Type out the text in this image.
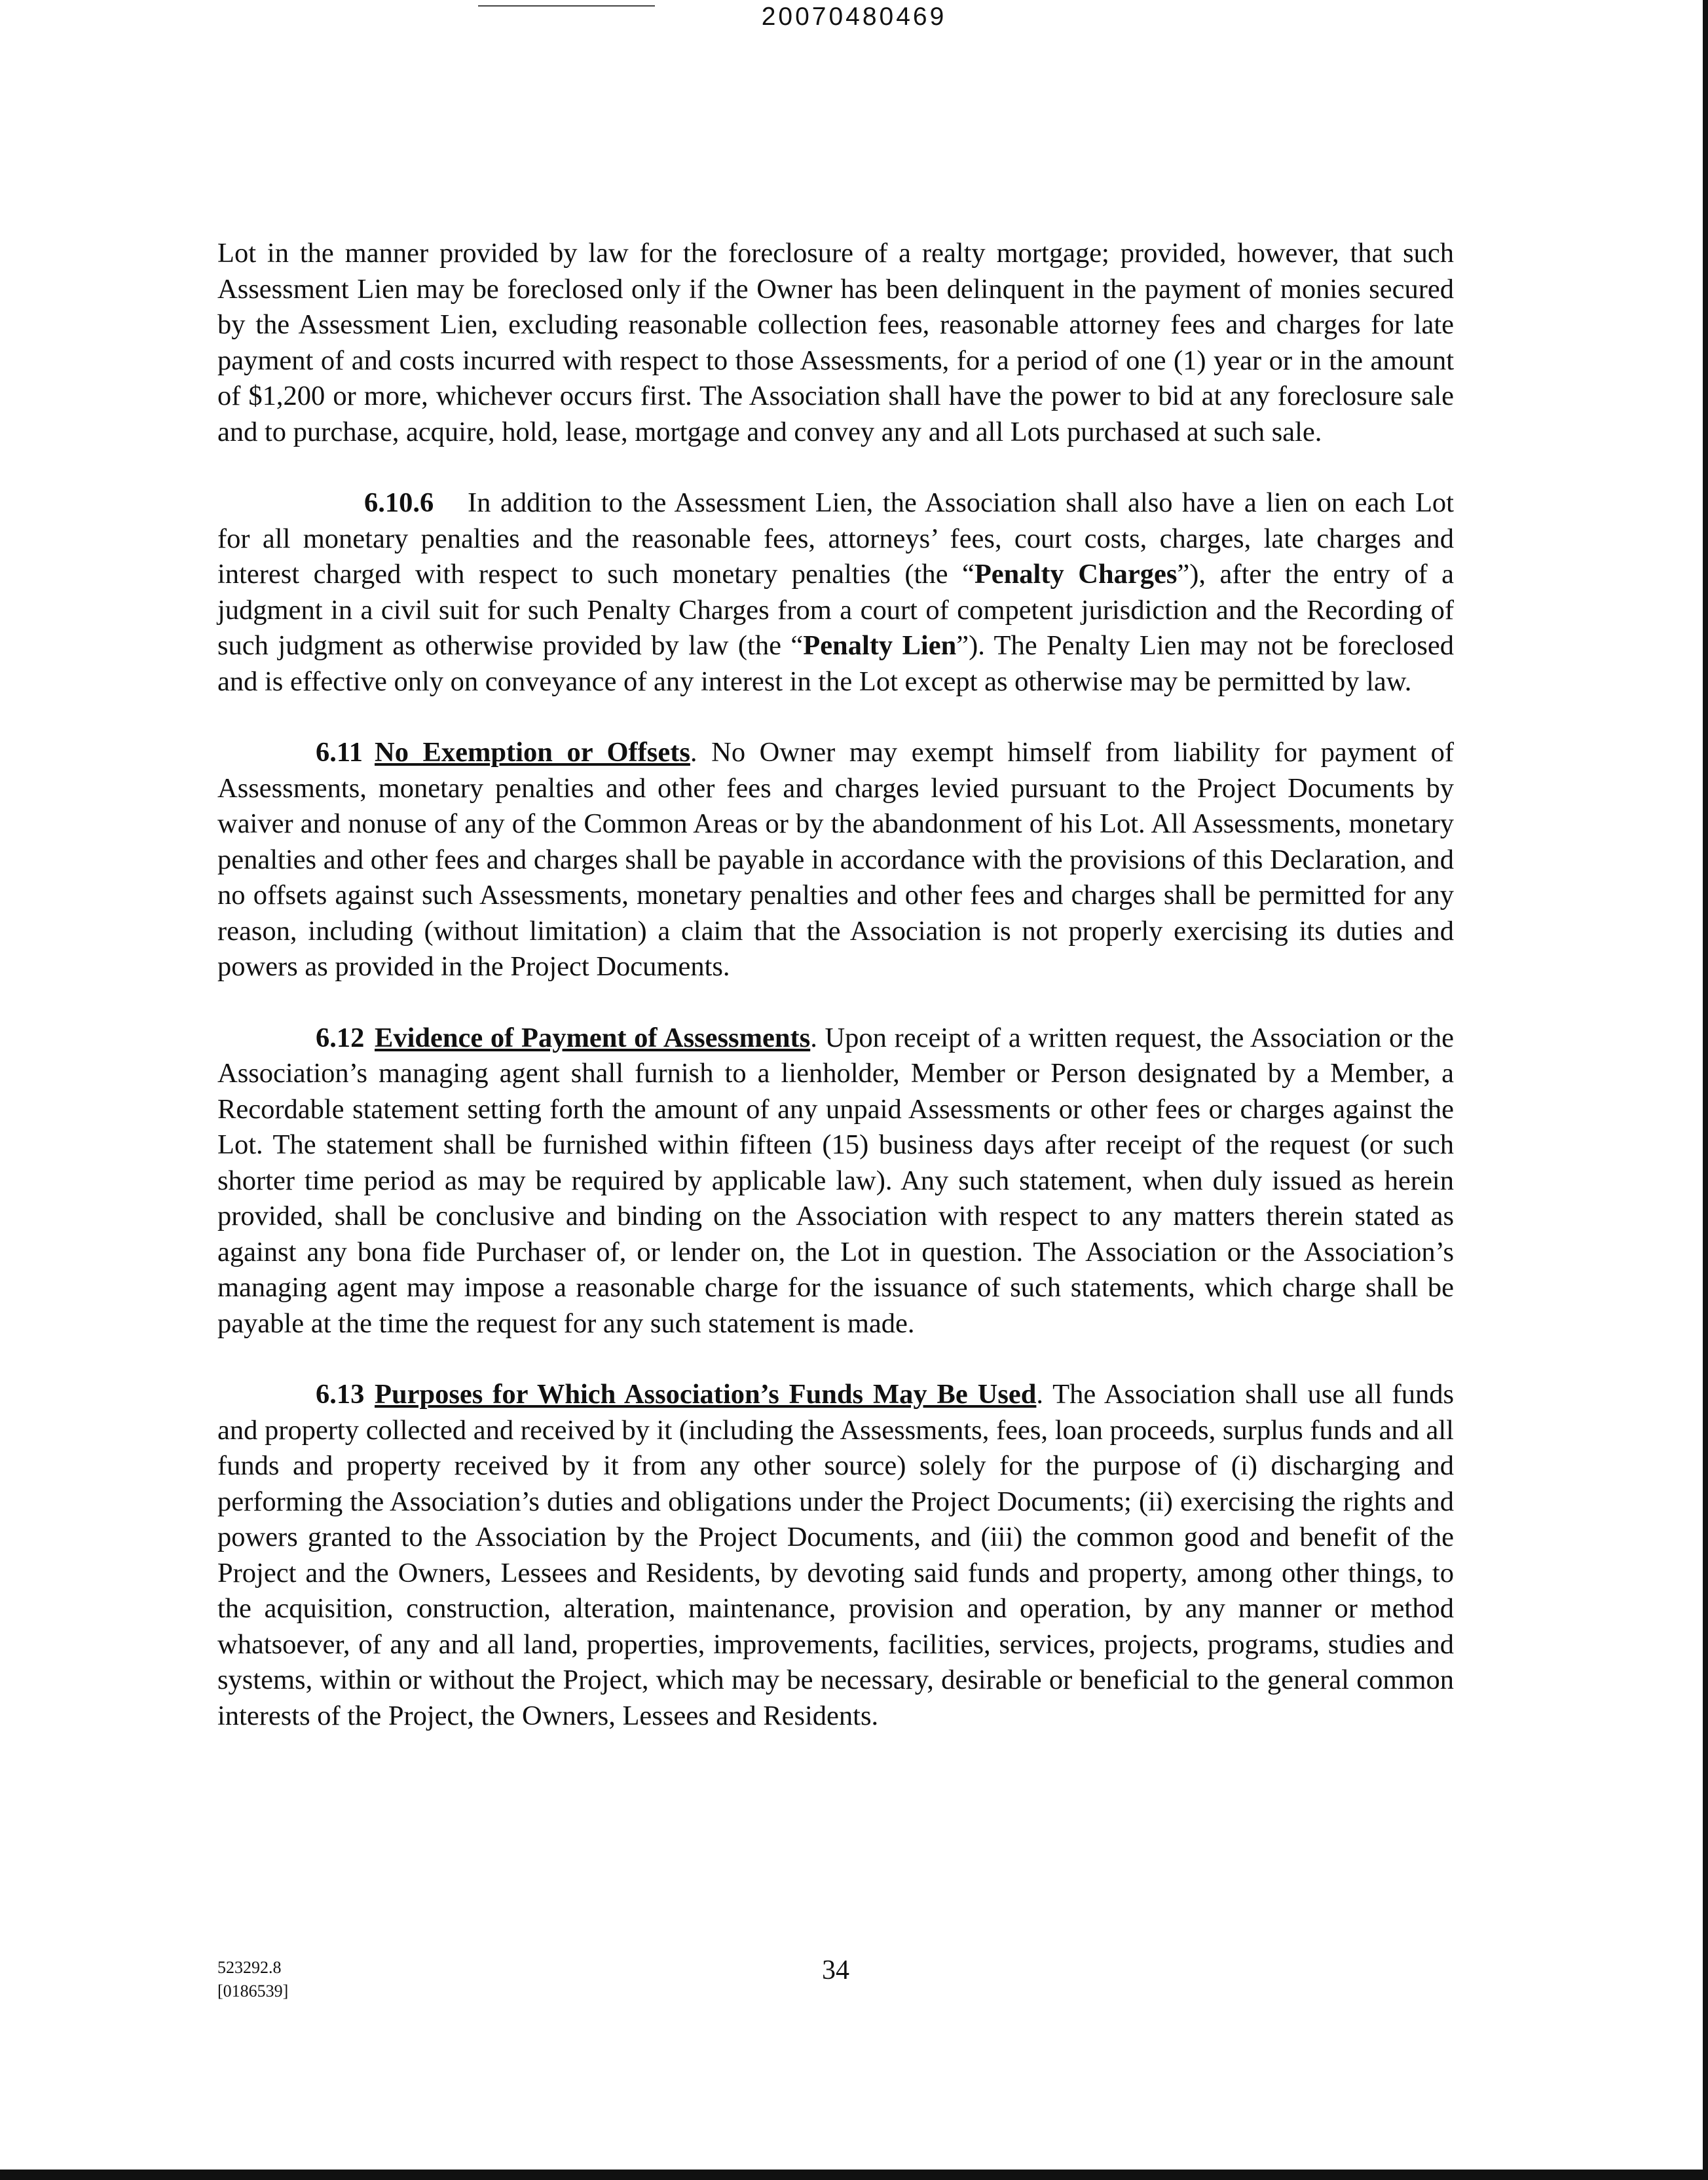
20070480469

Lot in the manner provided by law for the foreclosure of a realty mortgage; provided, however, that such Assessment Lien may be foreclosed only if the Owner has been delinquent in the payment of monies secured by the Assessment Lien, excluding reasonable collection fees, reasonable attorney fees and charges for late payment of and costs incurred with respect to those Assessments, for a period of one (1) year or in the amount of $1,200 or more, whichever occurs first. The Association shall have the power to bid at any foreclosure sale and to purchase, acquire, hold, lease, mortgage and convey any and all Lots purchased at such sale.

6.10.6 In addition to the Assessment Lien, the Association shall also have a lien on each Lot for all monetary penalties and the reasonable fees, attorneys’ fees, court costs, charges, late charges and interest charged with respect to such monetary penalties (the “Penalty Charges”), after the entry of a judgment in a civil suit for such Penalty Charges from a court of competent jurisdiction and the Recording of such judgment as otherwise provided by law (the “Penalty Lien”). The Penalty Lien may not be foreclosed and is effective only on conveyance of any interest in the Lot except as otherwise may be permitted by law.

6.11 No Exemption or Offsets. No Owner may exempt himself from liability for payment of Assessments, monetary penalties and other fees and charges levied pursuant to the Project Documents by waiver and nonuse of any of the Common Areas or by the abandonment of his Lot. All Assessments, monetary penalties and other fees and charges shall be payable in accordance with the provisions of this Declaration, and no offsets against such Assessments, monetary penalties and other fees and charges shall be permitted for any reason, including (without limitation) a claim that the Association is not properly exercising its duties and powers as provided in the Project Documents.

6.12 Evidence of Payment of Assessments. Upon receipt of a written request, the Association or the Association’s managing agent shall furnish to a lienholder, Member or Person designated by a Member, a Recordable statement setting forth the amount of any unpaid Assessments or other fees or charges against the Lot. The statement shall be furnished within fifteen (15) business days after receipt of the request (or such shorter time period as may be required by applicable law). Any such statement, when duly issued as herein provided, shall be conclusive and binding on the Association with respect to any matters therein stated as against any bona fide Purchaser of, or lender on, the Lot in question. The Association or the Association’s managing agent may impose a reasonable charge for the issuance of such statements, which charge shall be payable at the time the request for any such statement is made.

6.13 Purposes for Which Association’s Funds May Be Used. The Association shall use all funds and property collected and received by it (including the Assessments, fees, loan proceeds, surplus funds and all funds and property received by it from any other source) solely for the purpose of (i) discharging and performing the Association’s duties and obligations under the Project Documents; (ii) exercising the rights and powers granted to the Association by the Project Documents, and (iii) the common good and benefit of the Project and the Owners, Lessees and Residents, by devoting said funds and property, among other things, to the acquisition, construction, alteration, maintenance, provision and operation, by any manner or method whatsoever, of any and all land, properties, improvements, facilities, services, projects, programs, studies and systems, within or without the Project, which may be necessary, desirable or beneficial to the general common interests of the Project, the Owners, Lessees and Residents.

523292.8
[0186539]
34
